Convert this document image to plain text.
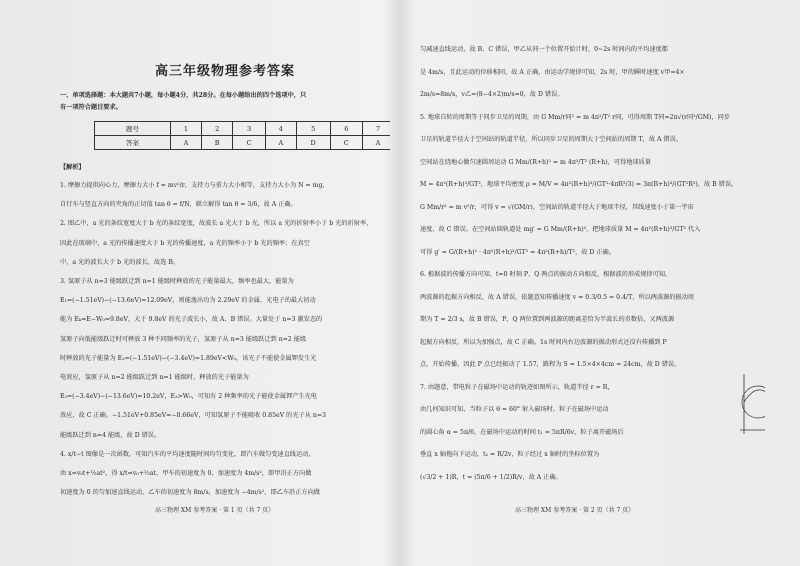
高三年级物理参考答案
一、单项选择题：本大题共7小题，每小题4分，共28分。在每小题给出的四个选项中，只
有一项符合题目要求。
题号	1	2	3	4	5	6	7
答案	A	B	C	A	D	C	A
【解析】
1. 摩擦力提供向心力，摩擦力大小 f = mv²/r，支持力与重力大小相等，支持力大小为 N = mg，
自行车与竖直方向的夹角的正切值 tan θ = f/N，联立解得 tan θ = 3/6，故 A 正确。
2. 图乙中，a 光的条纹宽度大于 b 光的条纹宽度，故波长 a 光大于 b 光，所以 a 光的折射率小于 b 光的折射率，
因此在玻璃中，a 光的传播速度大于 b 光的传播速度，a 光的频率小于 b 光的频率；在真空
中，a 光的波长大于 b 光的波长，故选 B。
3. 氢原子从 n=3 能级跃迁到 n=1 能级时释放的光子能量最大，频率也最大，能量为
E₁=(−1.51eV)−(−13.6eV)=12.09eV，则能逸出功为 2.29eV 的金属，光电子的最大初动
能为 Eₖ=E−W₀=9.8eV，大于 9.8eV 的光子波长小，故 A、B 错误。大量处于 n=3 激发态的
氢原子向低能级跃迁时可释放 3 种不同频率的光子，氢原子从 n=3 能级跃迁到 n=2 能级
时释放的光子能量为 E₂=(−1.51eV)−(−3.4eV)=1.89eV<W₀，该光子不能使金属钾发生光
电效应，氢原子从 n=2 能级跃迁到 n=1 能级时，释放的光子能量为
E₃=(−3.4eV)−(−13.6eV)=10.2eV，E₃>W₀，可知有 2 种频率的光子能使金属钾产生光电
效应，故 C 正确。−1.51eV+0.85eV=−0.66eV，可知氢原子不能吸收 0.85eV 的光子从 n=3
能级跃迁到 n=4 能级，故 D 错误。
4. x/t−t 图像是一次函数，可知汽车的平均速度随时间均匀变化，即汽车做匀变速直线运动，
由 x=v₀t+½at²，得 x/t=v₀+½at，甲车的初速度为 0，加速度为 4m/s²，即甲沿正方向做
初速度为 0 的匀加速直线运动，乙车的初速度为 8m/s，加速度为 −4m/s²，即乙车沿正方向做
高三物理 XM 参考答案 · 第 1 页（共 7 页）
匀减速直线运动，故 B、C 错误，甲乙从同一个位置开始计时，0~2s 时间内的平均速度都
是 4m/s，且此运动的位移相同，故 A 正确，由运动学规律可知，2s 时，甲的瞬时速度 v甲=4×
2m/s=8m/s，v乙=(8−4×2)m/s=0，故 D 错误。
5. 地球自转的周期等于同步卫星的周期，由 G Mm/r同² = m 4π²/T² r同，可得周期 T同=2π√(r同³/GM)，同步
卫星的轨道半径大于空间站的轨道半径，所以同步卫星的周期大于空间站的周期 T，故 A 错误。
空间站在绕地心做匀速圆周运动 G Mm/(R+h)² = m 4π²/T² (R+h)，可得地球质量
M = 4π²(R+h)³/GT²，地球平均密度 ρ = M/V = 4π²(R+h)³/(GT²·4πR³/3) = 3π(R+h)³/(GT²R³)，故 B 错误。
G Mm/r² = m v²/r，可得 v = √(GM/r)，空间站的轨道半径大于地球半径，其线速度小于第一宇宙
速度，故 C 错误。在空间站圆轨道处 mg′ = G Mm/(R+h)²，把地球质量 M = 4π²(R+h)³/GT² 代入
可得 g′ = G/(R+h)² · 4π²(R+h)³/GT² = 4π²(R+h)/T²，故 D 正确。
6. 根据波的传播方向可知，t=0 时刻 P、Q 两点的振动方向相反，根据波的形成规律可知，
两波源的起振方向相反，故 A 错误，依题意知传播速度 v = 0.3/0.5 = 0.4/T，所以两波源的振动周
期为 T = 2/3 s，故 B 错误，P、Q 两位置到两波源的距离差恰为半波长的奇数倍，又两波源
起振方向相反，所以为加强点，故 C 正确。1s 时间内右边波源的振动形式还没有传播到 P
点，开始传播，因此 P 点已经振动了 1.57，路程为 S = 1.5×4×4cm = 24cm，故 D 错误。
7. 由题意，带电粒子在磁场中运动的轨迹如图所示，轨道半径 r = R，
由几何知识可知，当粒子以 θ = 60° 射入磁场时，粒子在磁场中运动
的圆心角 α = 5π/6，在磁场中运动的时间 t₁ = 5πR/6v，粒子离开磁场后
垂直 x 轴拖向下运动，t₂ = R/2v，粒子经过 x 轴时的坐标位置为
(√3/2 + 1)R，t = (5π/6 + 1/2)R/v，故 A 正确。
高三物理 XM 参考答案 · 第 2 页（共 7 页）
